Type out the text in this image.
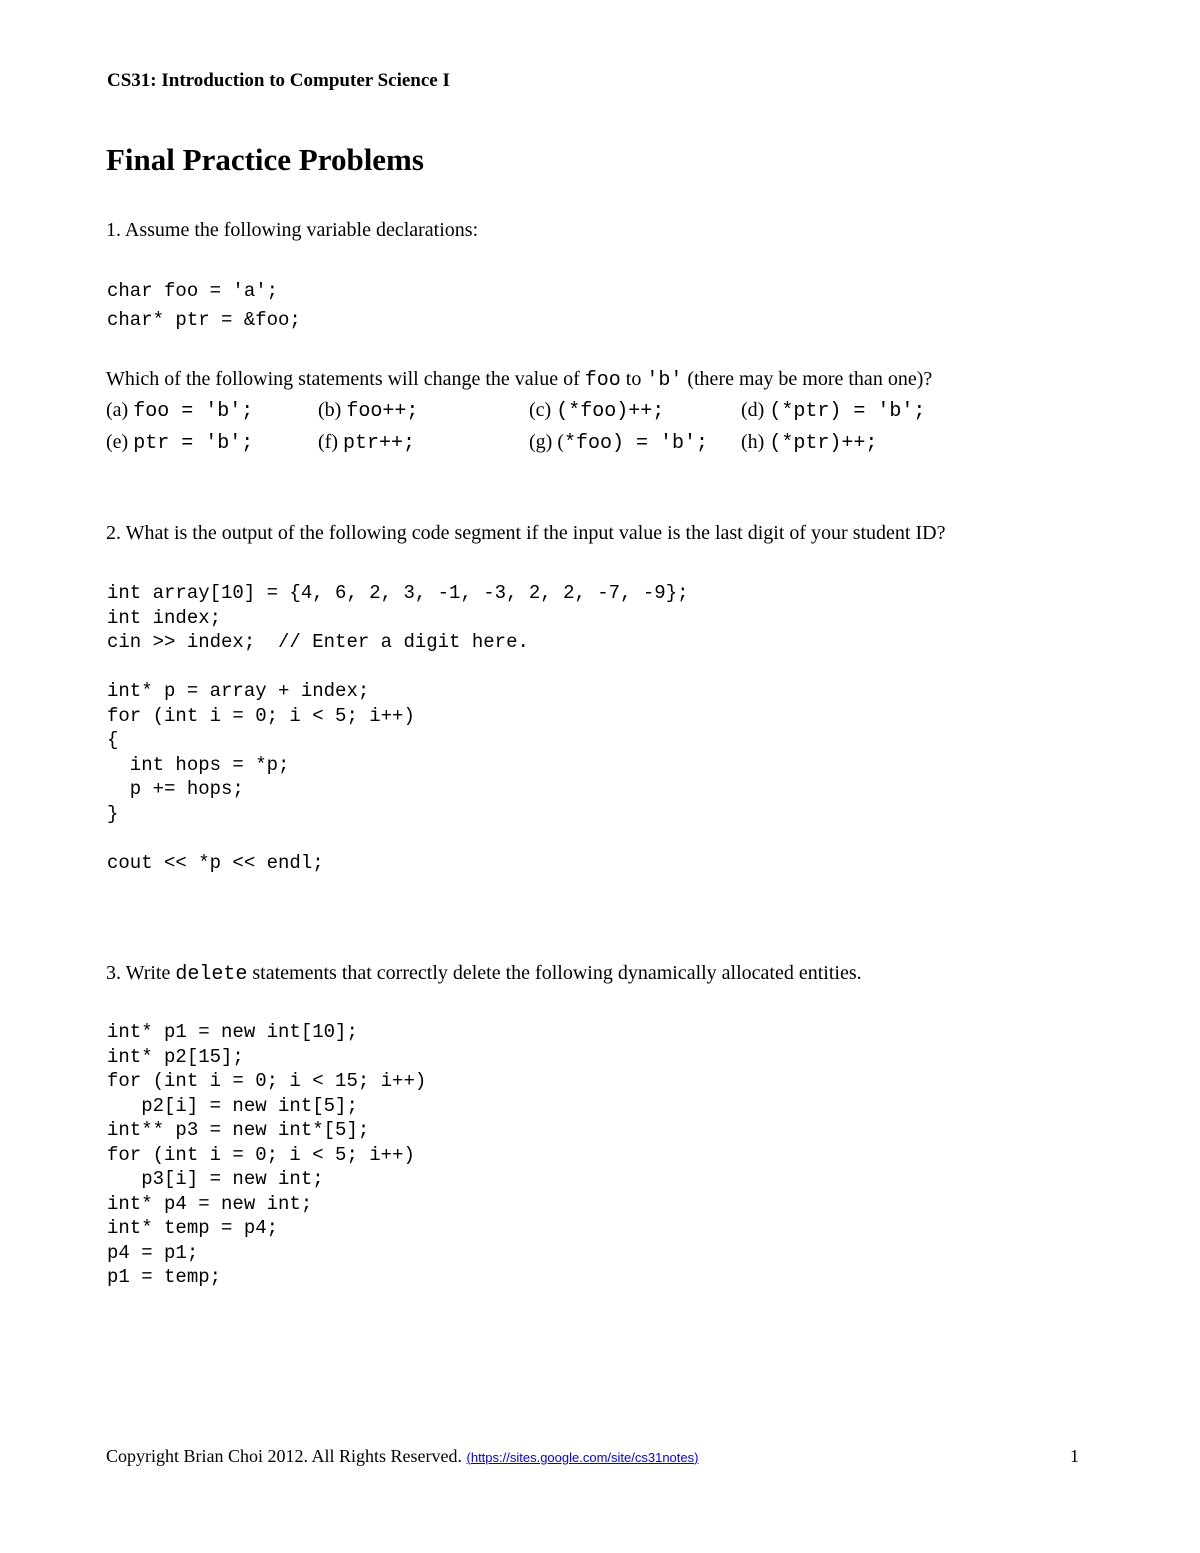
CS31: Introduction to Computer Science I
Final Practice Problems
1. Assume the following variable declarations:
char foo = 'a';
char* ptr = &foo;
Which of the following statements will change the value of foo to 'b' (there may be more than one)?
(a) foo = 'b';	(b) foo++;	(c) (*foo)++;	(d) (*ptr) = 'b';
(e) ptr = 'b';	(f) ptr++;	(g) (*foo) = 'b'; (h) (*ptr)++;
2. What is the output of the following code segment if the input value is the last digit of your student ID?
int array[10] = {4, 6, 2, 3, -1, -3, 2, 2, -7, -9};
int index;
cin >> index;  // Enter a digit here.
int* p = array + index;
for (int i = 0; i < 5; i++)
{
int hops = *p;
p += hops;
}
cout << *p << endl;
3. Write delete statements that correctly delete the following dynamically allocated entities.
int* p1 = new int[10];
int* p2[15];
for (int i = 0; i < 15; i++)
p2[i] = new int[5];
int** p3 = new int*[5];
for (int i = 0; i < 5; i++)
p3[i] = new int;
int* p4 = new int;
int* temp = p4;
p4 = p1;
p1 = temp;
Copyright Brian Choi 2012. All Rights Reserved. (https://sites.google.com/site/cs31notes)	1
